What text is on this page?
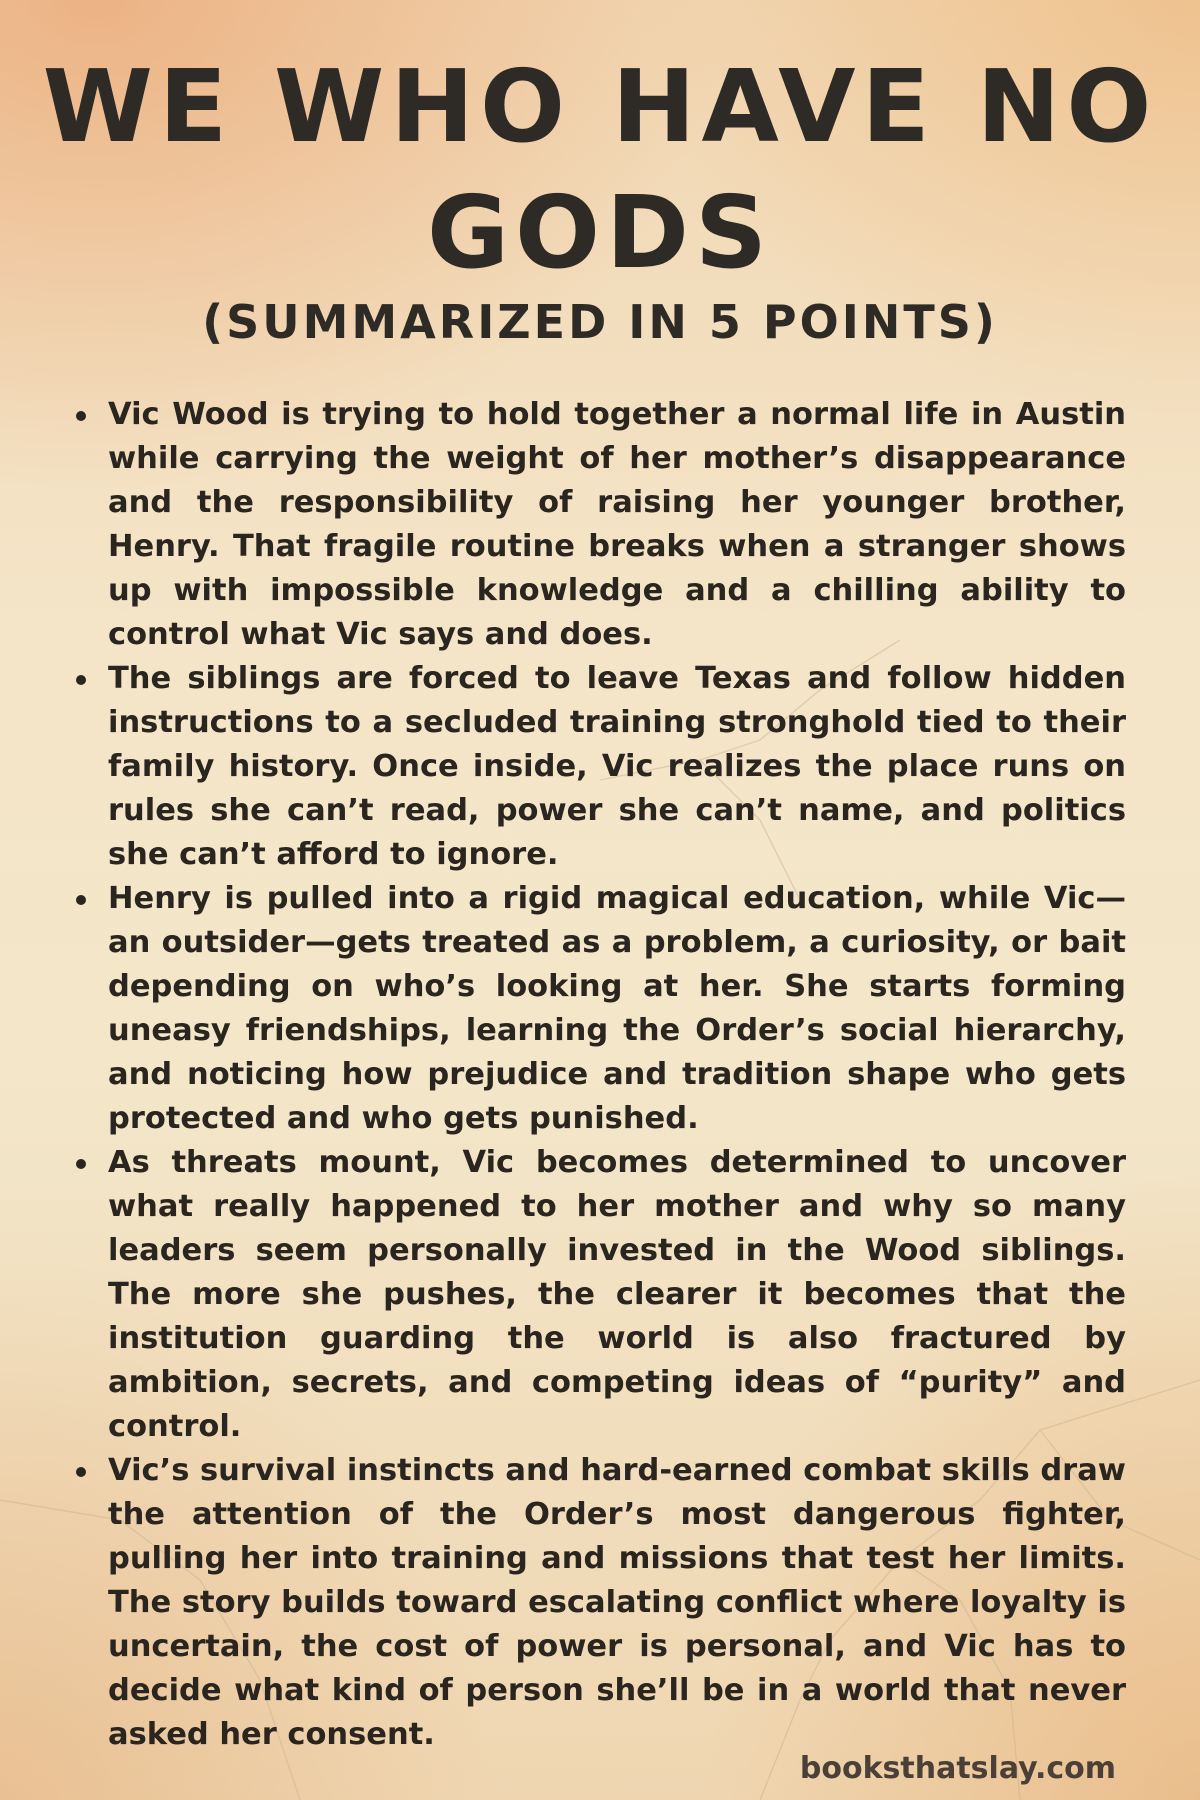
WE WHO HAVE NO GODS
(SUMMARIZED IN 5 POINTS)
Vic Wood is trying to hold together a normal life in Austin while carrying the weight of her mother’s disappearance and the responsibility of raising her younger brother, Henry. That fragile routine breaks when a stranger shows up with impossible knowledge and a chilling ability to control what Vic says and does.
The siblings are forced to leave Texas and follow hidden instructions to a secluded training stronghold tied to their family history. Once inside, Vic realizes the place runs on rules she can’t read, power she can’t name, and politics she can’t afford to ignore.
Henry is pulled into a rigid magical education, while Vic—an outsider—gets treated as a problem, a curiosity, or bait depending on who’s looking at her. She starts forming uneasy friendships, learning the Order’s social hierarchy, and noticing how prejudice and tradition shape who gets protected and who gets punished.
As threats mount, Vic becomes determined to uncover what really happened to her mother and why so many leaders seem personally invested in the Wood siblings. The more she pushes, the clearer it becomes that the institution guarding the world is also fractured by ambition, secrets, and competing ideas of “purity” and control.
Vic’s survival instincts and hard-earned combat skills draw the attention of the Order’s most dangerous fighter, pulling her into training and missions that test her limits. The story builds toward escalating conflict where loyalty is uncertain, the cost of power is personal, and Vic has to decide what kind of person she’ll be in a world that never asked her consent.
booksthatslay.com
